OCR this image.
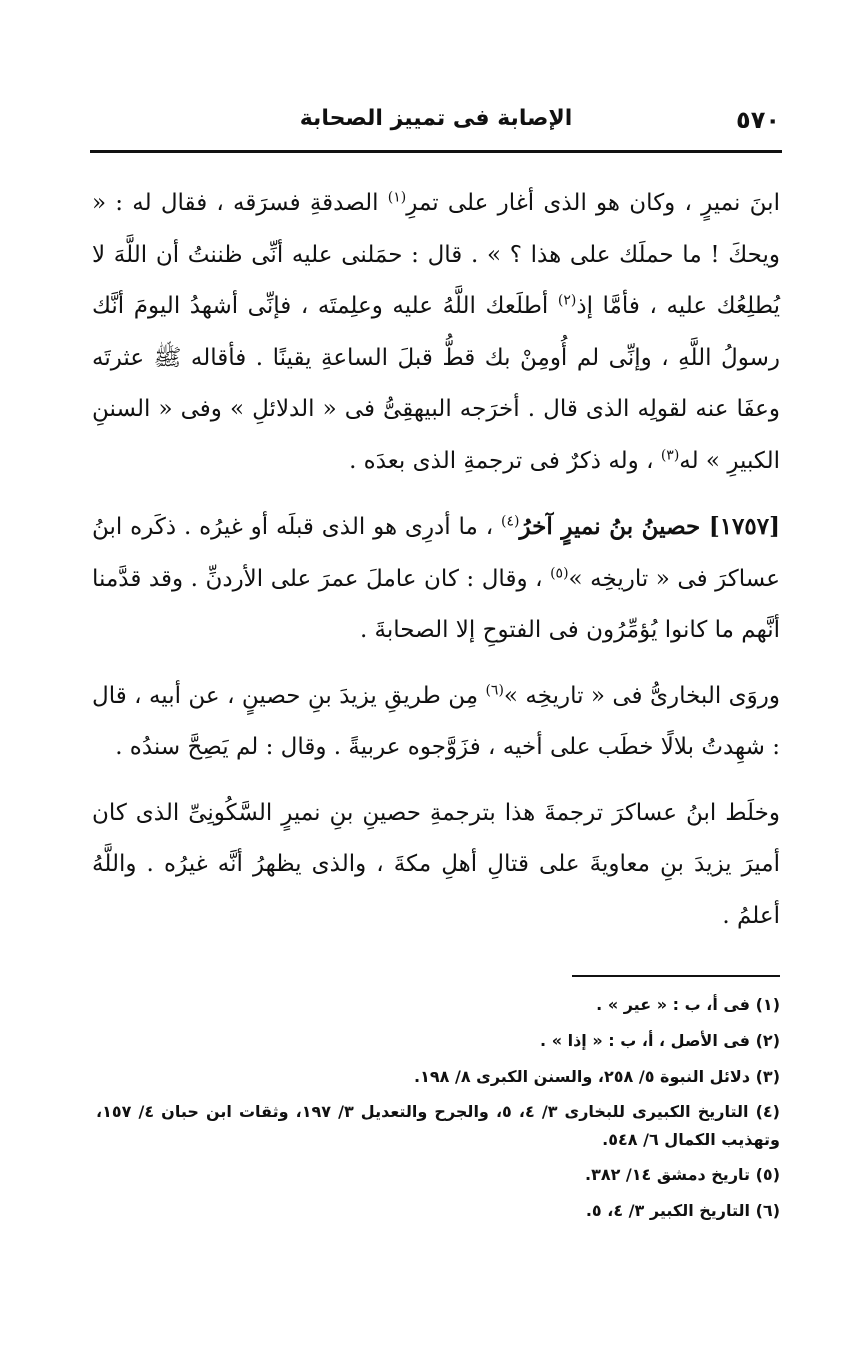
٥٧٠
الإصابة فى تمييز الصحابة

ابنَ نميرٍ ، وكان هو الذى أغار على تمرِ$^{(١)}$ الصدقةِ فسرَقه ، فقال له : « ويحكَ ! ما حملَك على هذا ؟ » . قال : حمَلنى عليه أنِّى ظننتُ أن اللَّهَ لا يُطلِعُك عليه ، فأمَّا إذ$^{(٢)}$ أطلَعك اللَّهُ عليه وعلِمتَه ، فإنِّى أشهدُ اليومَ أنَّك رسولُ اللَّهِ ، وإنِّى لم أُومِنْ بك قطُّ قبلَ الساعةِ يقينًا . فأقاله ﷺ عثرتَه وعفَا عنه لقولِه الذى قال . أخرَجه البيهقِىُّ فى « الدلائلِ » وفى « السننِ الكبيرِ » له$^{(٣)}$ ، وله ذكرٌ فى ترجمةِ الذى بعدَه .

[١٧٥٧] حصينُ بنُ نميرٍ آخرُ$^{(٤)}$ ، ما أدرِى هو الذى قبلَه أو غيرُه . ذكَره ابنُ عساكرَ فى « تاريخِه »$^{(٥)}$ ، وقال : كان عاملَ عمرَ على الأردنِّ . وقد قدَّمنا أنَّهم ما كانوا يُؤمِّرُون فى الفتوحِ إلا الصحابةَ .

وروَى البخارىُّ فى « تاريخِه »$^{(٦)}$ مِن طريقِ يزيدَ بنِ حصينٍ ، عن أبيه ، قال : شهِدتُ بلالًا خطَب على أخيه ، فزَوَّجوه عربيةً . وقال : لم يَصِحَّ سندُه .

وخلَط ابنُ عساكرَ ترجمةَ هذا بترجمةِ حصينِ بنِ نميرٍ السَّكُونِىِّ الذى كان أميرَ يزيدَ بنِ معاويةَ على قتالِ أهلِ مكةَ ، والذى يظهرُ أنَّه غيرُه . واللَّهُ أعلمُ .

(١) فى أ، ب : « عير » .

(٢) فى الأصل ، أ، ب : « إذا » .

(٣) دلائل النبوة ٥/ ٢٥٨، والسنن الكبرى ٨/ ١٩٨.

(٤) التاريخ الكبيرى للبخارى ٣/ ٤، ٥، والجرح والتعديل ٣/ ١٩٧، وثقات ابن حبان ٤/ ١٥٧، وتهذيب الكمال ٦/ ٥٤٨.

(٥) تاريخ دمشق ١٤/ ٣٨٢.

(٦) التاريخ الكبير ٣/ ٤، ٥.
